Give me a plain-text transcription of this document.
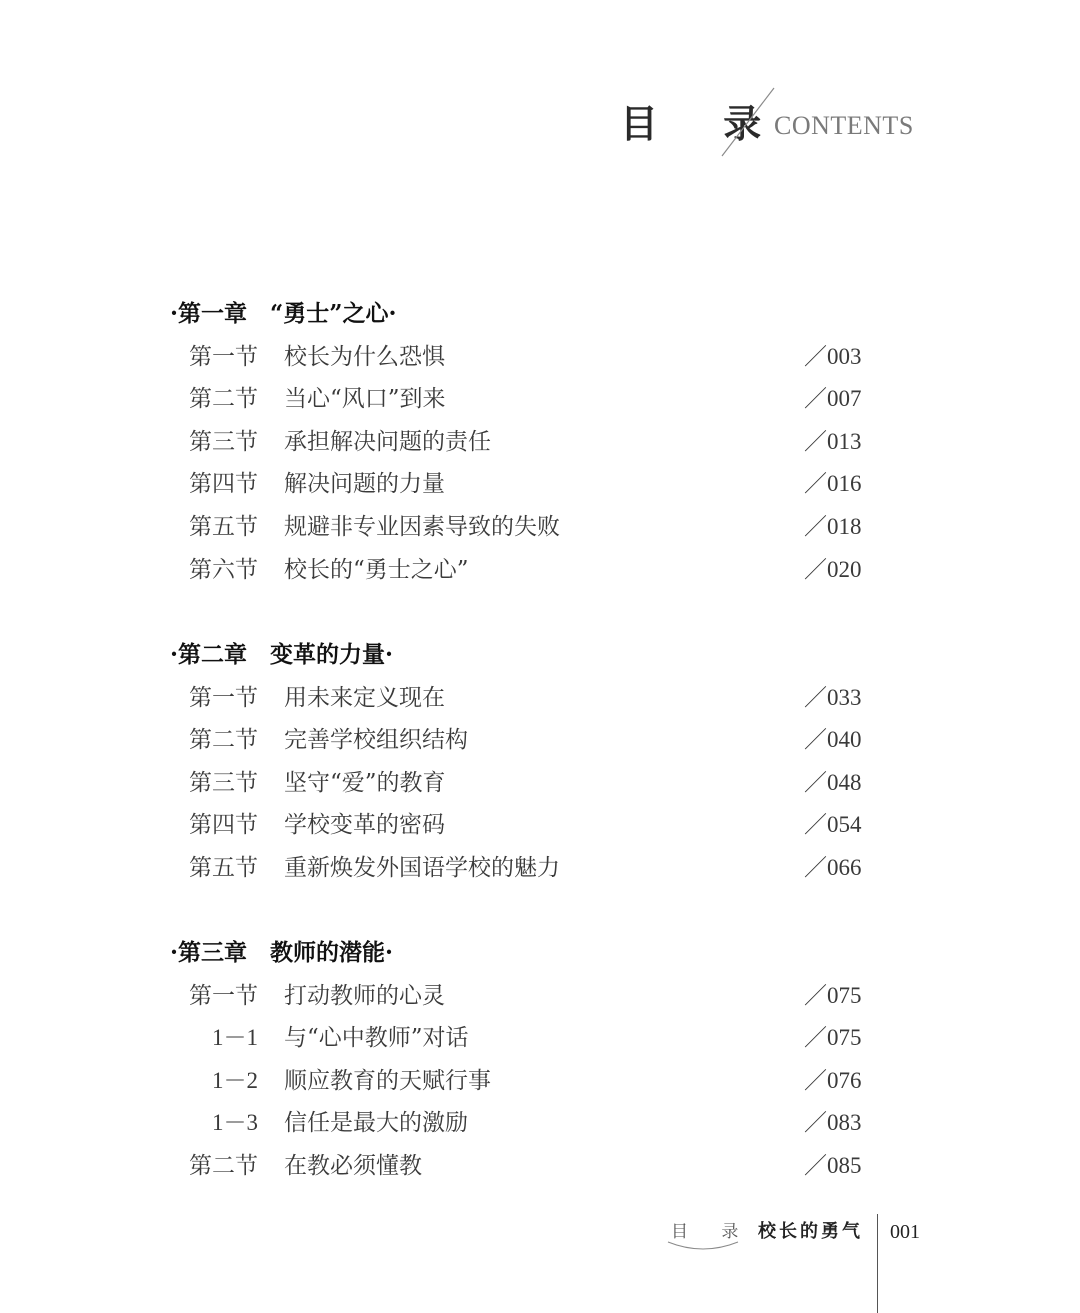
目 录
CONTENTS
·第一章　“勇士”之心·
第一节 校长为什么恐惧	／003
第二节 当心“风口”到来	／007
第三节 承担解决问题的责任	／013
第四节 解决问题的力量	／016
第五节 规避非专业因素导致的失败	／018
第六节 校长的“勇士之心”	／020
·第二章　变革的力量·
第一节 用未来定义现在	／033
第二节 完善学校组织结构	／040
第三节 坚守“爱”的教育	／048
第四节 学校变革的密码	／054
第五节 重新焕发外国语学校的魅力	／066
·第三章　教师的潜能·
第一节 打动教师的心灵	／075
1－1 与“心中教师”对话	／075
1－2 顺应教育的天赋行事	／076
1－3 信任是最大的激励	／083
第二节 在教必须懂教	／085
目 录 校长的勇气 001
